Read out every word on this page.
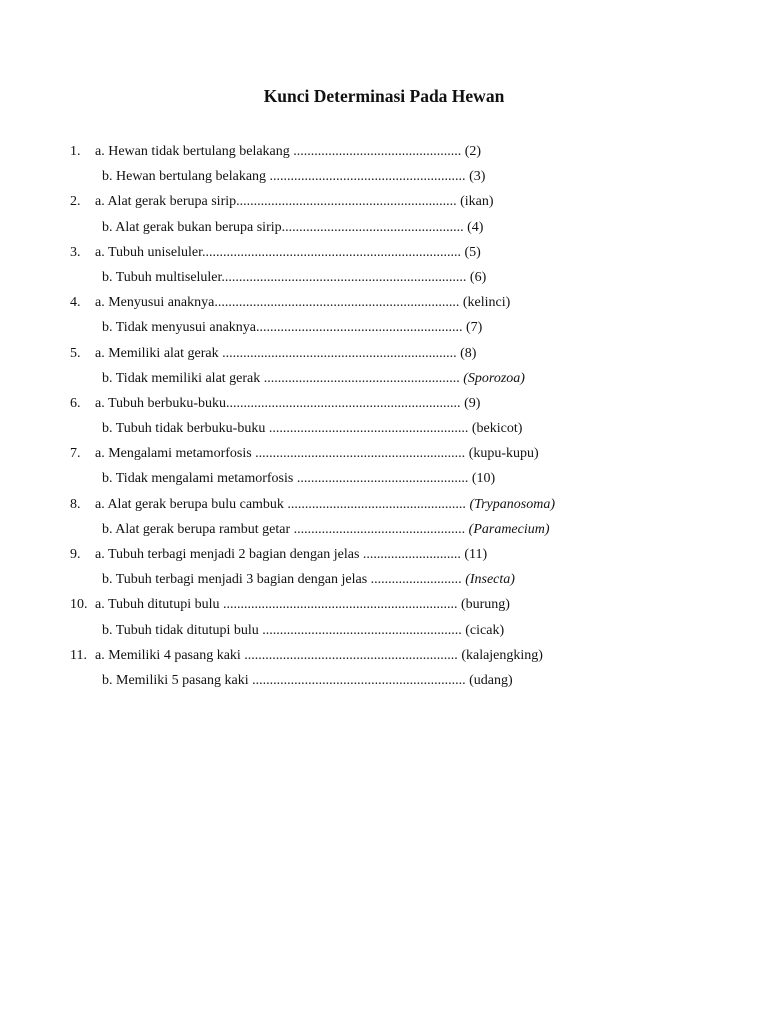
Kunci Determinasi Pada Hewan
1. a. Hewan tidak bertulang belakang ................................................ (2)
b. Hewan bertulang belakang ........................................................ (3)
2. a. Alat gerak berupa sirip............................................................... (ikan)
b. Alat gerak bukan berupa sirip.................................................... (4)
3. a. Tubuh uniseluler.......................................................................... (5)
b. Tubuh multiseluler...................................................................... (6)
4. a. Menyusui anaknya...................................................................... (kelinci)
b. Tidak menyusui anaknya........................................................... (7)
5. a. Memiliki alat gerak ................................................................... (8)
b. Tidak memiliki alat gerak ........................................................ (Sporozoa)
6. a. Tubuh berbuku-buku................................................................... (9)
b. Tubuh tidak berbuku-buku ......................................................... (bekicot)
7. a. Mengalami metamorfosis ............................................................ (kupu-kupu)
b. Tidak mengalami metamorfosis ................................................. (10)
8. a. Alat gerak berupa bulu cambuk ................................................... (Trypanosoma)
b. Alat gerak berupa rambut getar ................................................. (Paramecium)
9. a. Tubuh terbagi menjadi 2 bagian dengan jelas ............................ (11)
b. Tubuh terbagi menjadi 3 bagian dengan jelas .......................... (Insecta)
10. a. Tubuh ditutupi bulu ................................................................... (burung)
b. Tubuh tidak ditutupi bulu ......................................................... (cicak)
11. a. Memiliki 4 pasang kaki ............................................................. (kalajengking)
b. Memiliki 5 pasang kaki ............................................................. (udang)
